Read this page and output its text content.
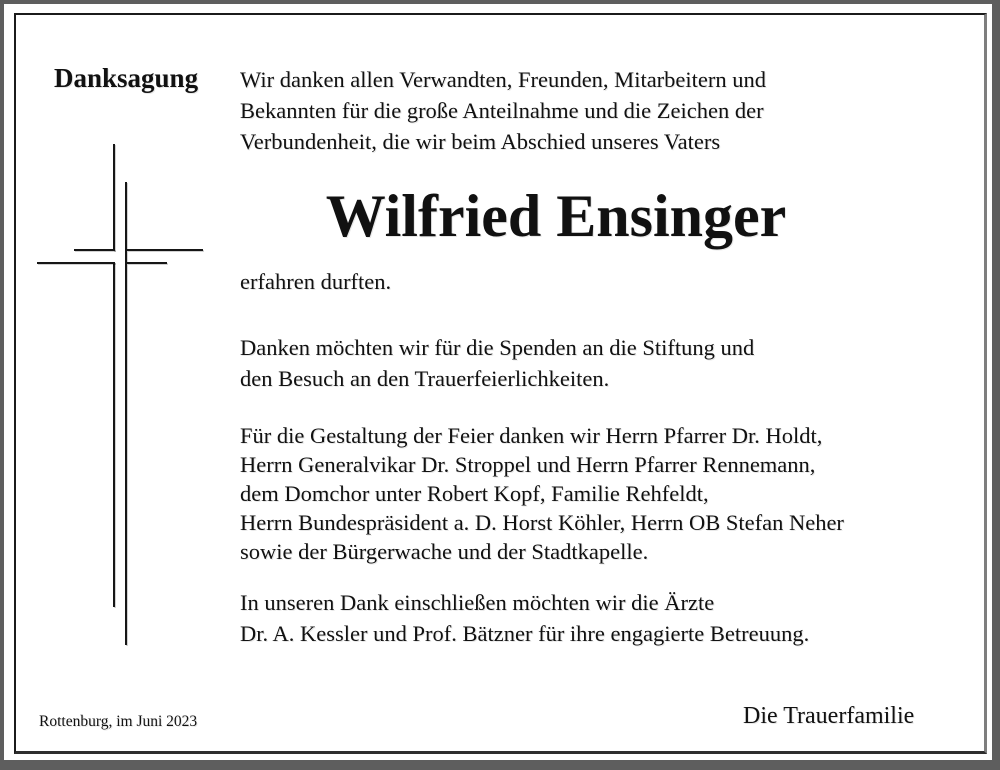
Danksagung Wir danken allen Verwandten, Freunden, Mitarbeitern und
Bekannten für die große Anteilnahme und die Zeichen der
Verbundenheit, die wir beim Abschied unseres Vaters
Wilfried Ensinger
erfahren durften.
Danken möchten wir für die Spenden an die Stiftung und
den Besuch an den Trauerfeierlichkeiten.
Für die Gestaltung der Feier danken wir Herrn Pfarrer Dr. Holdt,
Herrn Generalvikar Dr. Stroppel und Herrn Pfarrer Rennemann,
dem Domchor unter Robert Kopf, Familie Rehfeldt,
Herrn Bundespräsident a. D. Horst Köhler, Herrn OB Stefan Neher
sowie der Bürgerwache und der Stadtkapelle.
In unseren Dank einschließen möchten wir die Ärzte
Dr. A. Kessler und Prof. Bätzner für ihre engagierte Betreuung.
Rottenburg, im Juni 2023	Die Trauerfamilie
